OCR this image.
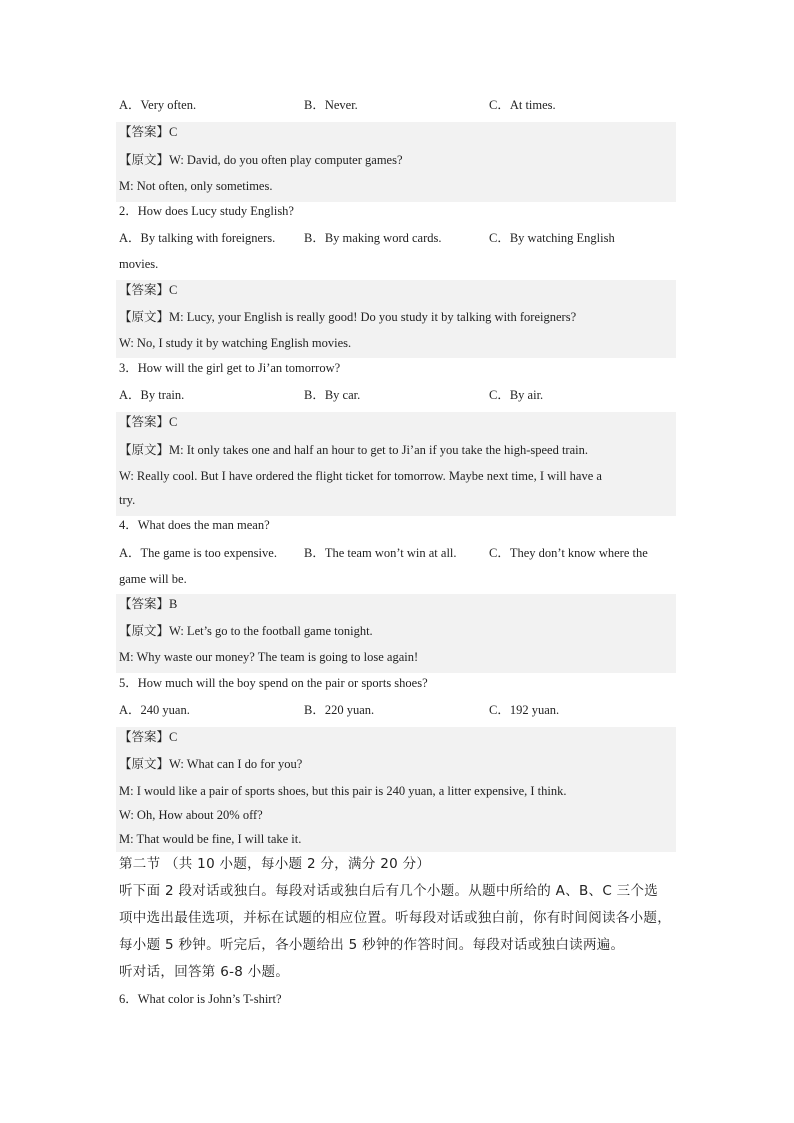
A．Very often.	B．Never.	C．At times.
【答案】C
【原文】W: David, do you often play computer games?
M: Not often, only sometimes.
2．How does Lucy study English?
A．By talking with foreigners. B．By making word cards.	C．By watching English
movies.
【答案】C
【原文】M: Lucy, your English is really good! Do you study it by talking with foreigners?
W: No, I study it by watching English movies.
3．How will the girl get to Ji’an tomorrow?
A．By train.	B．By car.	C．By air.
【答案】C
【原文】M: It only takes one and half an hour to get to Ji’an if you take the high-speed train.
W: Really cool. But I have ordered the flight ticket for tomorrow. Maybe next time, I will have a
try.
4．What does the man mean?
A．The game is too expensive. B．The team won’t win at all.	C．They don’t know where the
game will be.
【答案】B
【原文】W: Let’s go to the football game tonight.
M: Why waste our money? The team is going to lose again!
5．How much will the boy spend on the pair or sports shoes?
A．240 yuan.	B．220 yuan.	C．192 yuan.
【答案】C
【原文】W: What can I do for you?
M: I would like a pair of sports shoes, but this pair is 240 yuan, a litter expensive, I think.
W: Oh, How about 20% off?
M: That would be fine, I will take it.
第二节 （共 10 小题，每小题 2 分，满分 20 分）
听下面 2 段对话或独白。每段对话或独白后有几个小题。从题中所给的 A、B、C 三个选
项中选出最佳选项，并标在试题的相应位置。听每段对话或独白前，你有时间阅读各小题，
每小题 5 秒钟。听完后，各小题给出 5 秒钟的作答时间。每段对话或独白读两遍。
听对话，回答第 6-8 小题。
6．What color is John’s T-shirt?
